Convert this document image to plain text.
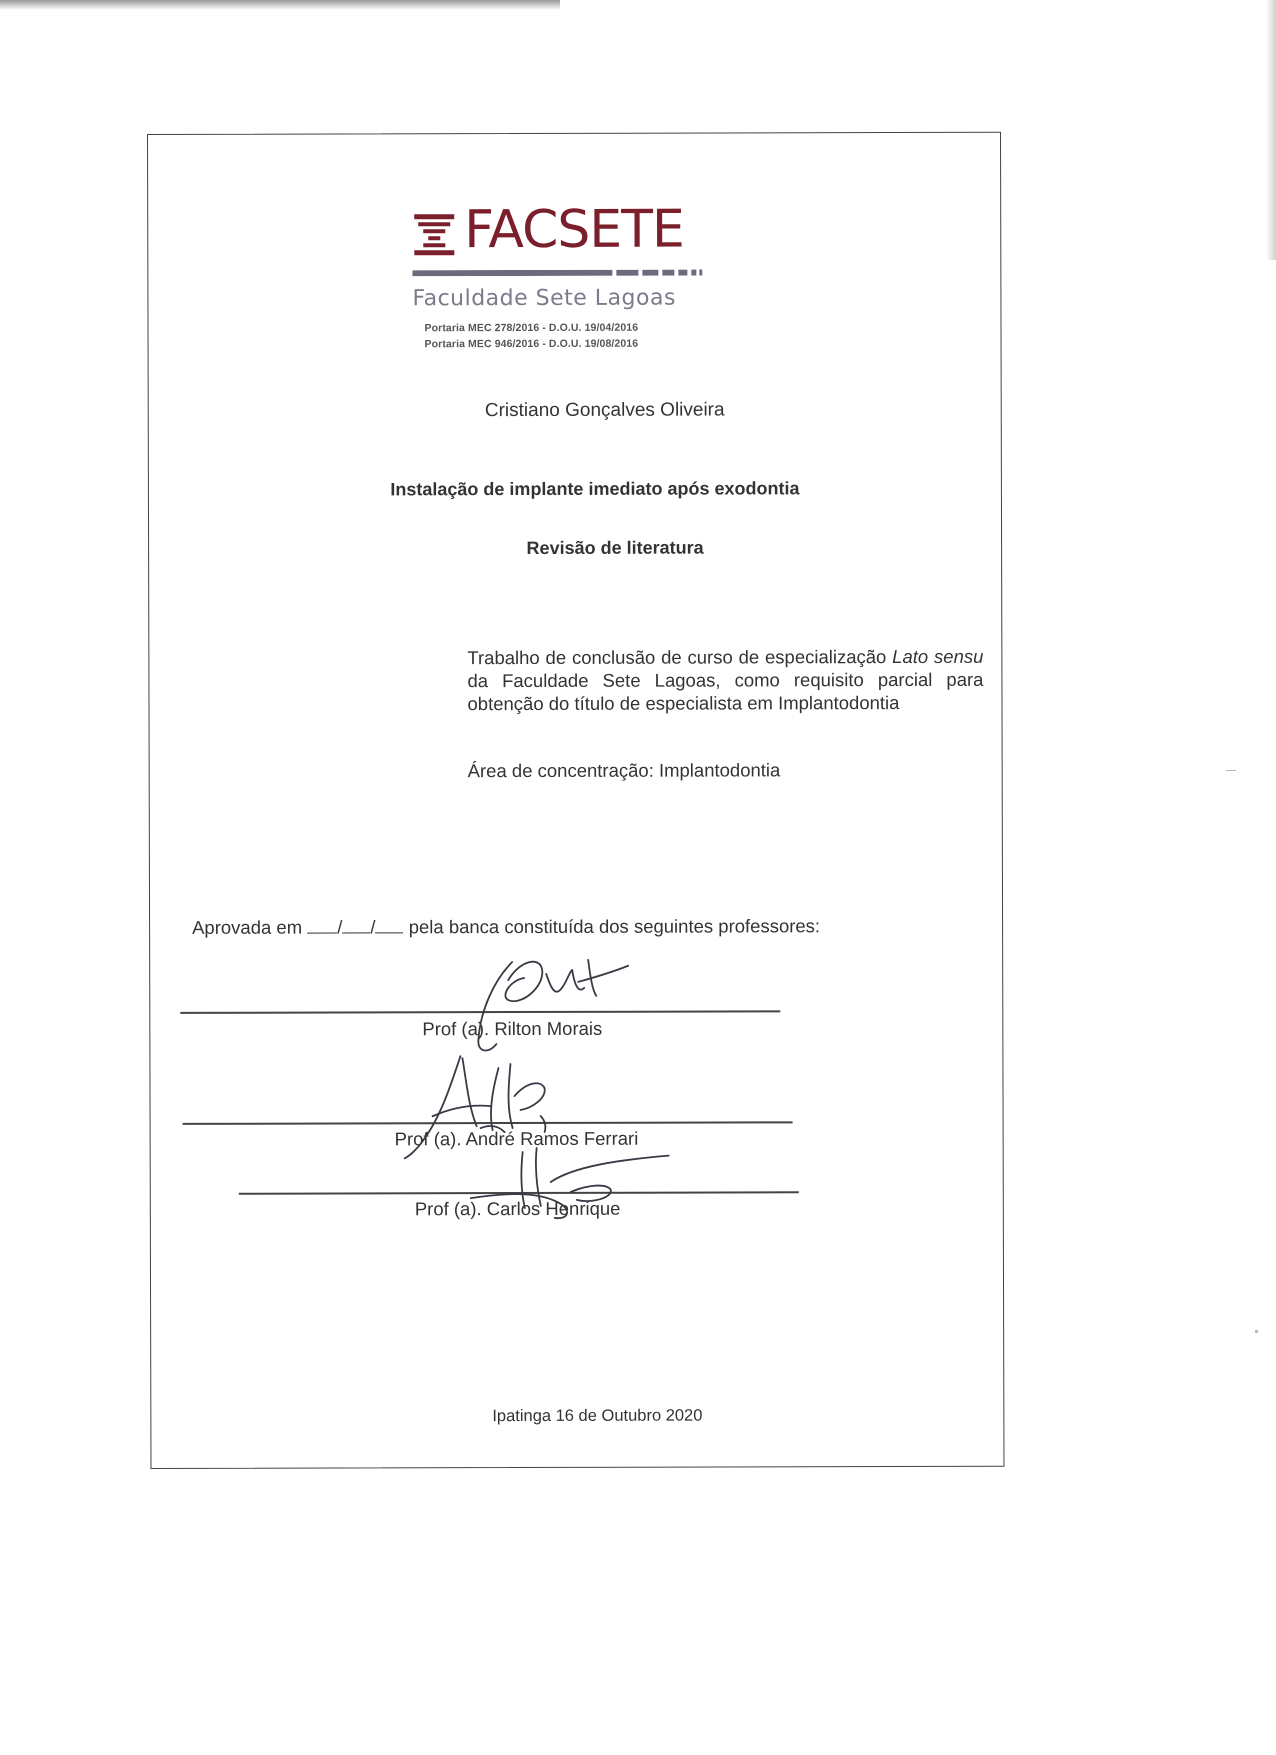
FACSETE
Faculdade Sete Lagoas
Portaria MEC 278/2016 - D.O.U. 19/04/2016
Portaria MEC 946/2016 - D.O.U. 19/08/2016
Cristiano Gonçalves Oliveira
Instalação de implante imediato após exodontia
Revisão de literatura
Trabalho de conclusão de curso de especialização Lato sensu da Faculdade Sete Lagoas, como requisito parcial para obtenção do título de especialista em Implantodontia
Área de concentração: Implantodontia
Aprovada em / / pela banca constituída dos seguintes professores:
Prof (a). Rilton Morais
Prof (a). André Ramos Ferrari
Prof (a). Carlos Henrique
Ipatinga 16 de Outubro 2020
